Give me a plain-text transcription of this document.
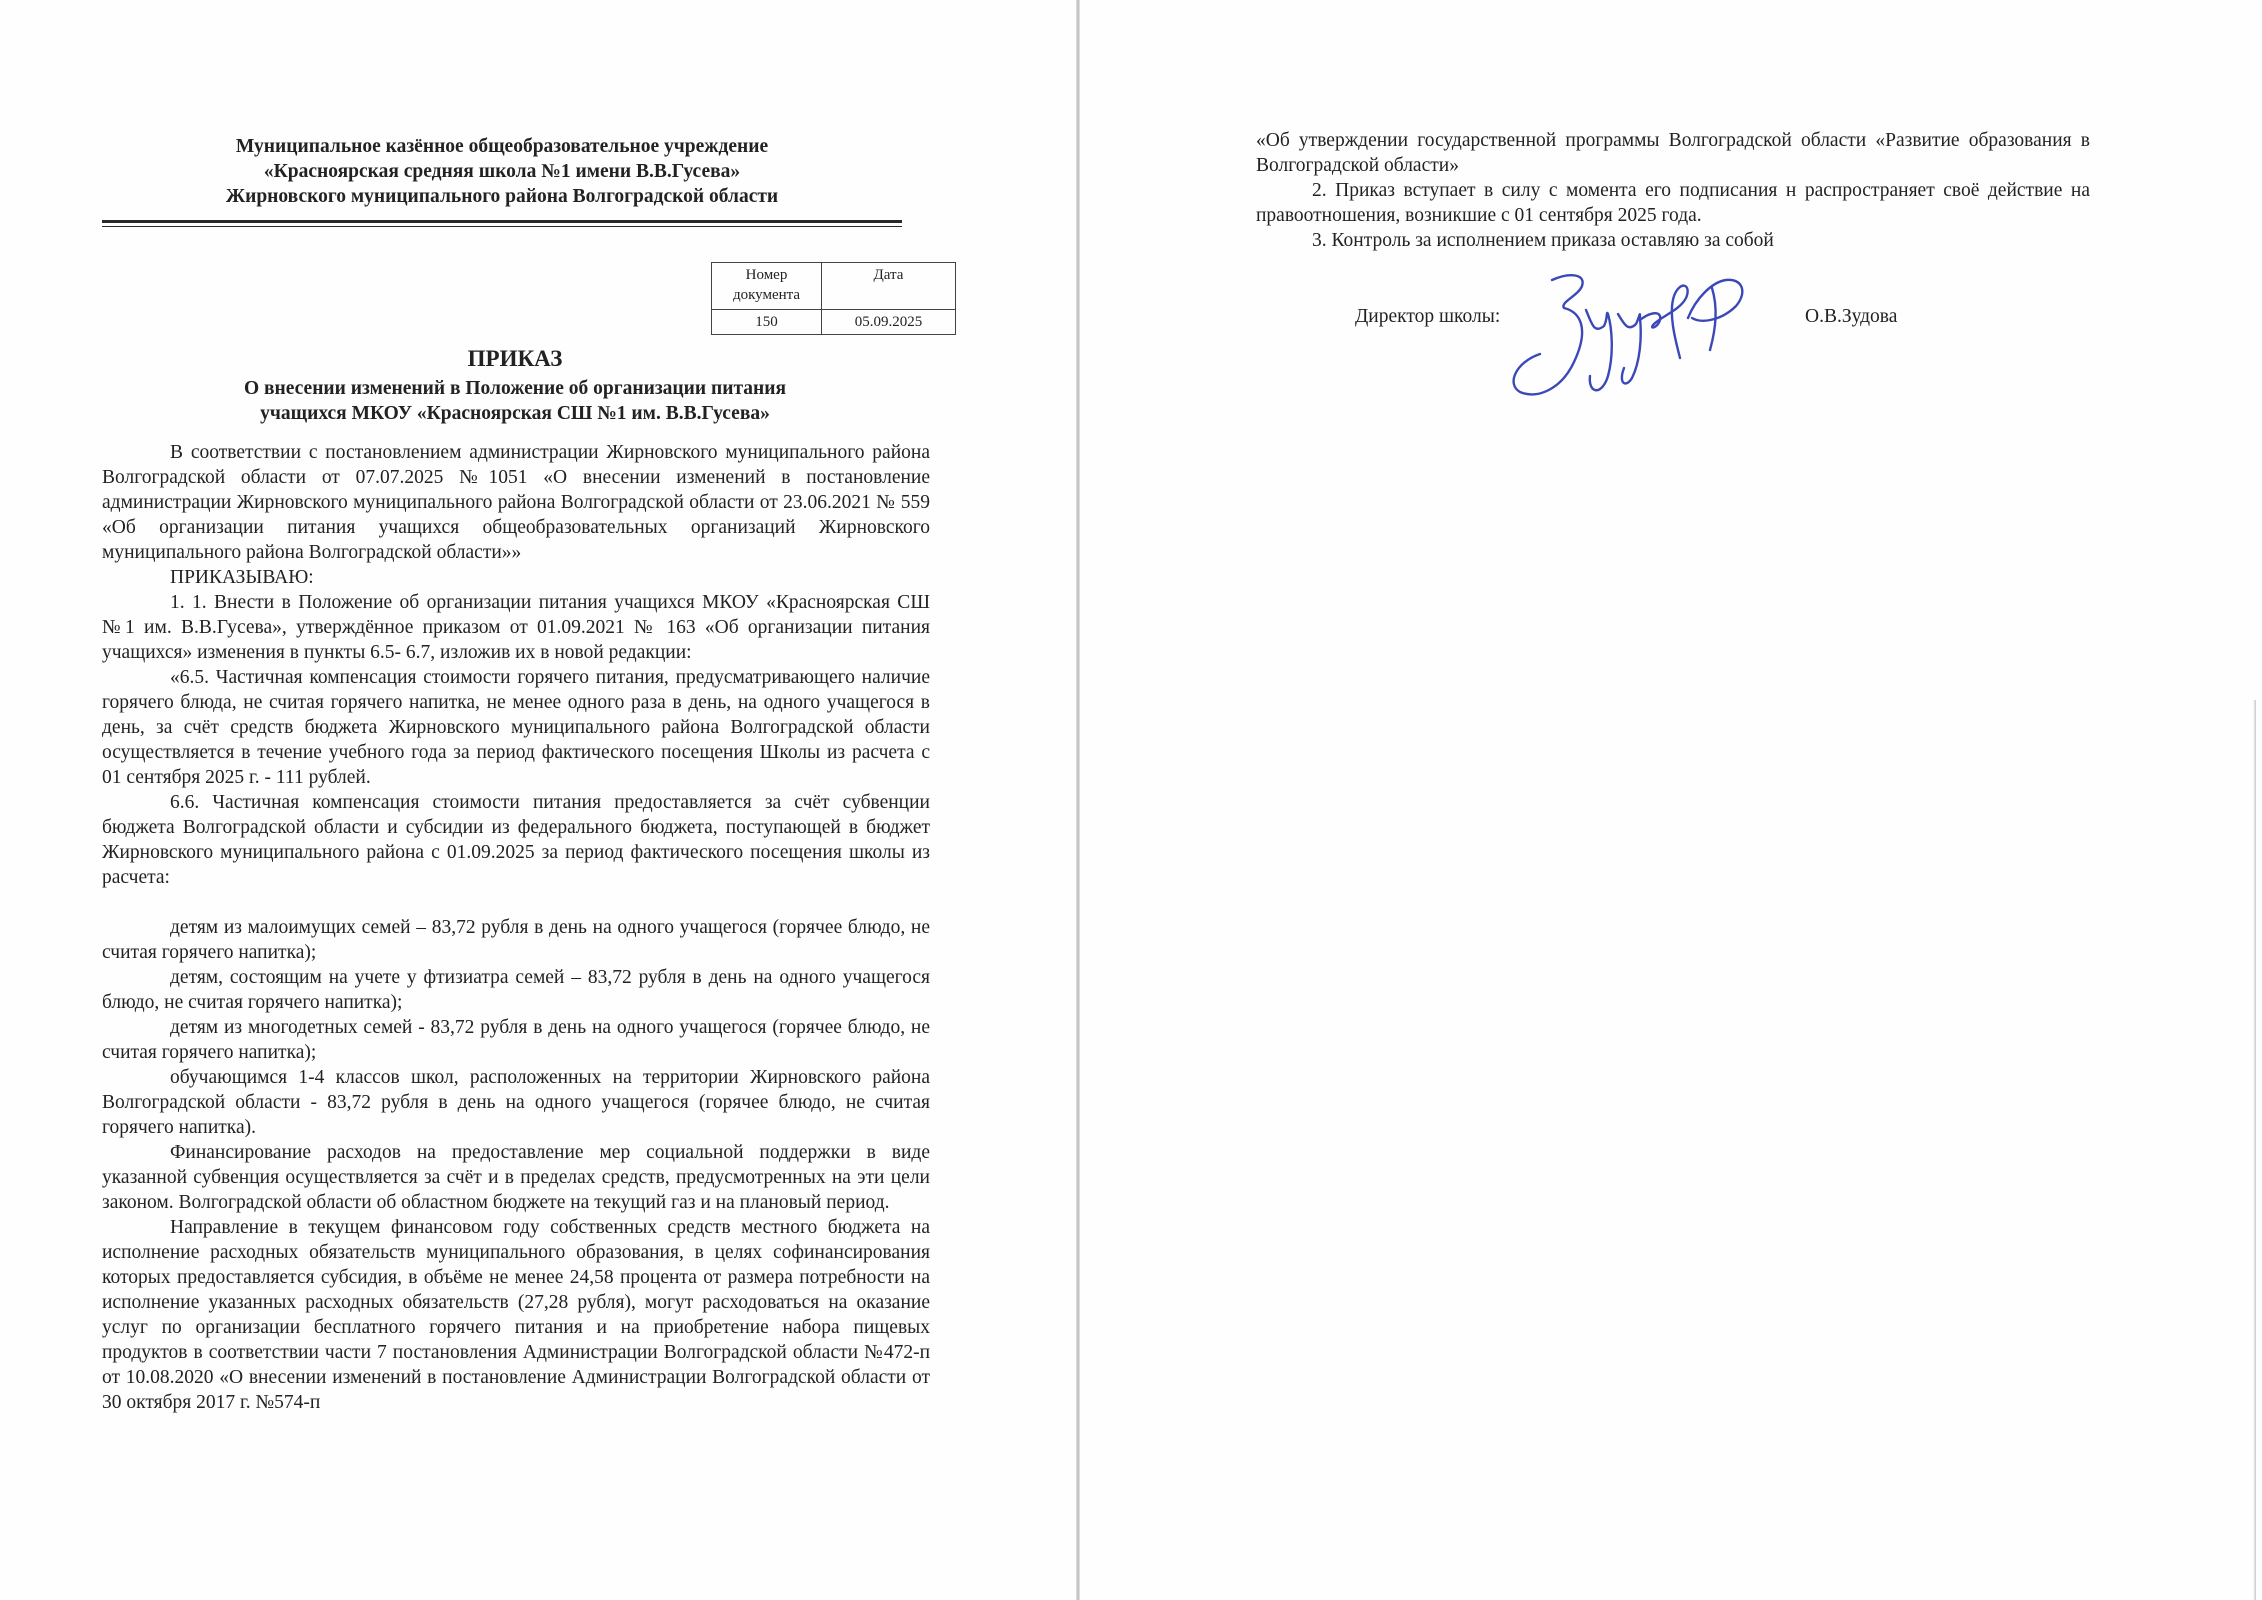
Муниципальное казённое общеобразовательное учреждение
«Красноярская средняя школа №1 имени В.В.Гусева»
Жирновского муниципального района Волгоградской области
Номер документа	Дата
150	05.09.2025
ПРИКАЗ
О внесении изменений в Положение об организации питания
учащихся МКОУ «Красноярская СШ №1 им. В.В.Гусева»

В соответствии с постановлением администрации Жирновского муниципального района Волгоградской области от 07.07.2025 №1051 «О внесении изменений в постановление администрации Жирновского муниципального района Волгоградской области от 23.06.2021 № 559 «Об организации питания учащихся общеобразовательных организаций Жирновского муниципального района Волгоградской области»»

ПРИКАЗЫВАЮ:

1. 1. Внести в Положение об организации питания учащихся МКОУ «Красноярская СШ №1 им. В.В.Гусева», утверждённое приказом от 01.09.2021 № 163 «Об организации питания учащихся» изменения в пункты 6.5- 6.7, изложив их в новой редакции:

«6.5. Частичная компенсация стоимости горячего питания, предусматривающего наличие горячего блюда, не считая горячего напитка, не менее одного раза в день, на одного учащегося в день, за счёт средств бюджета Жирновского муниципального района Волгоградской области осуществляется в течение учебного года за период фактического посещения Школы из расчета с 01 сентября 2025 г. - 111 рублей.

6.6. Частичная компенсация стоимости питания предоставляется за счёт субвенции бюджета Волгоградской области и субсидии из федерального бюджета, поступающей в бюджет Жирновского муниципального района с 01.09.2025 за период фактического посещения школы из расчета:

детям из малоимущих семей – 83,72 рубля в день на одного учащегося (горячее блюдо, не считая горячего напитка);

детям, состоящим на учете у фтизиатра семей – 83,72 рубля в день на одного учащегося блюдо, не считая горячего напитка);

детям из многодетных семей - 83,72 рубля в день на одного учащегося (горячее блюдо, не считая горячего напитка);

обучающимся 1-4 классов школ, расположенных на территории Жирновского района Волгоградской области - 83,72 рубля в день на одного учащегося (горячее блюдо, не считая горячего напитка).

Финансирование расходов на предоставление мер социальной поддержки в виде указанной субвенция осуществляется за счёт и в пределах средств, предусмотренных на эти цели законом. Волгоградской области об областном бюджете на текущий газ и на плановый период.

Направление в текущем финансовом году собственных средств местного бюджета на исполнение расходных обязательств муниципального образования, в целях софинансирования которых предоставляется субсидия, в объёме не менее 24,58 процента от размера потребности на исполнение указанных расходных обязательств (27,28 рубля), могут расходоваться на оказание услуг по организации бесплатного горячего питания и на приобретение набора пищевых продуктов в соответствии части 7 постановления Администрации Волгоградской области №472-п от 10.08.2020 «О внесении изменений в постановление Администрации Волгоградской области от 30 октября 2017 г. №574-п

«Об утверждении государственной программы Волгоградской области «Развитие образования в Волгоградской области»

2. Приказ вступает в силу с момента его подписания н распространяет своё действие на правоотношения, возникшие с 01 сентября 2025 года.

3. Контроль за исполнением приказа оставляю за собой

Директор школы:	О.В.Зудова
